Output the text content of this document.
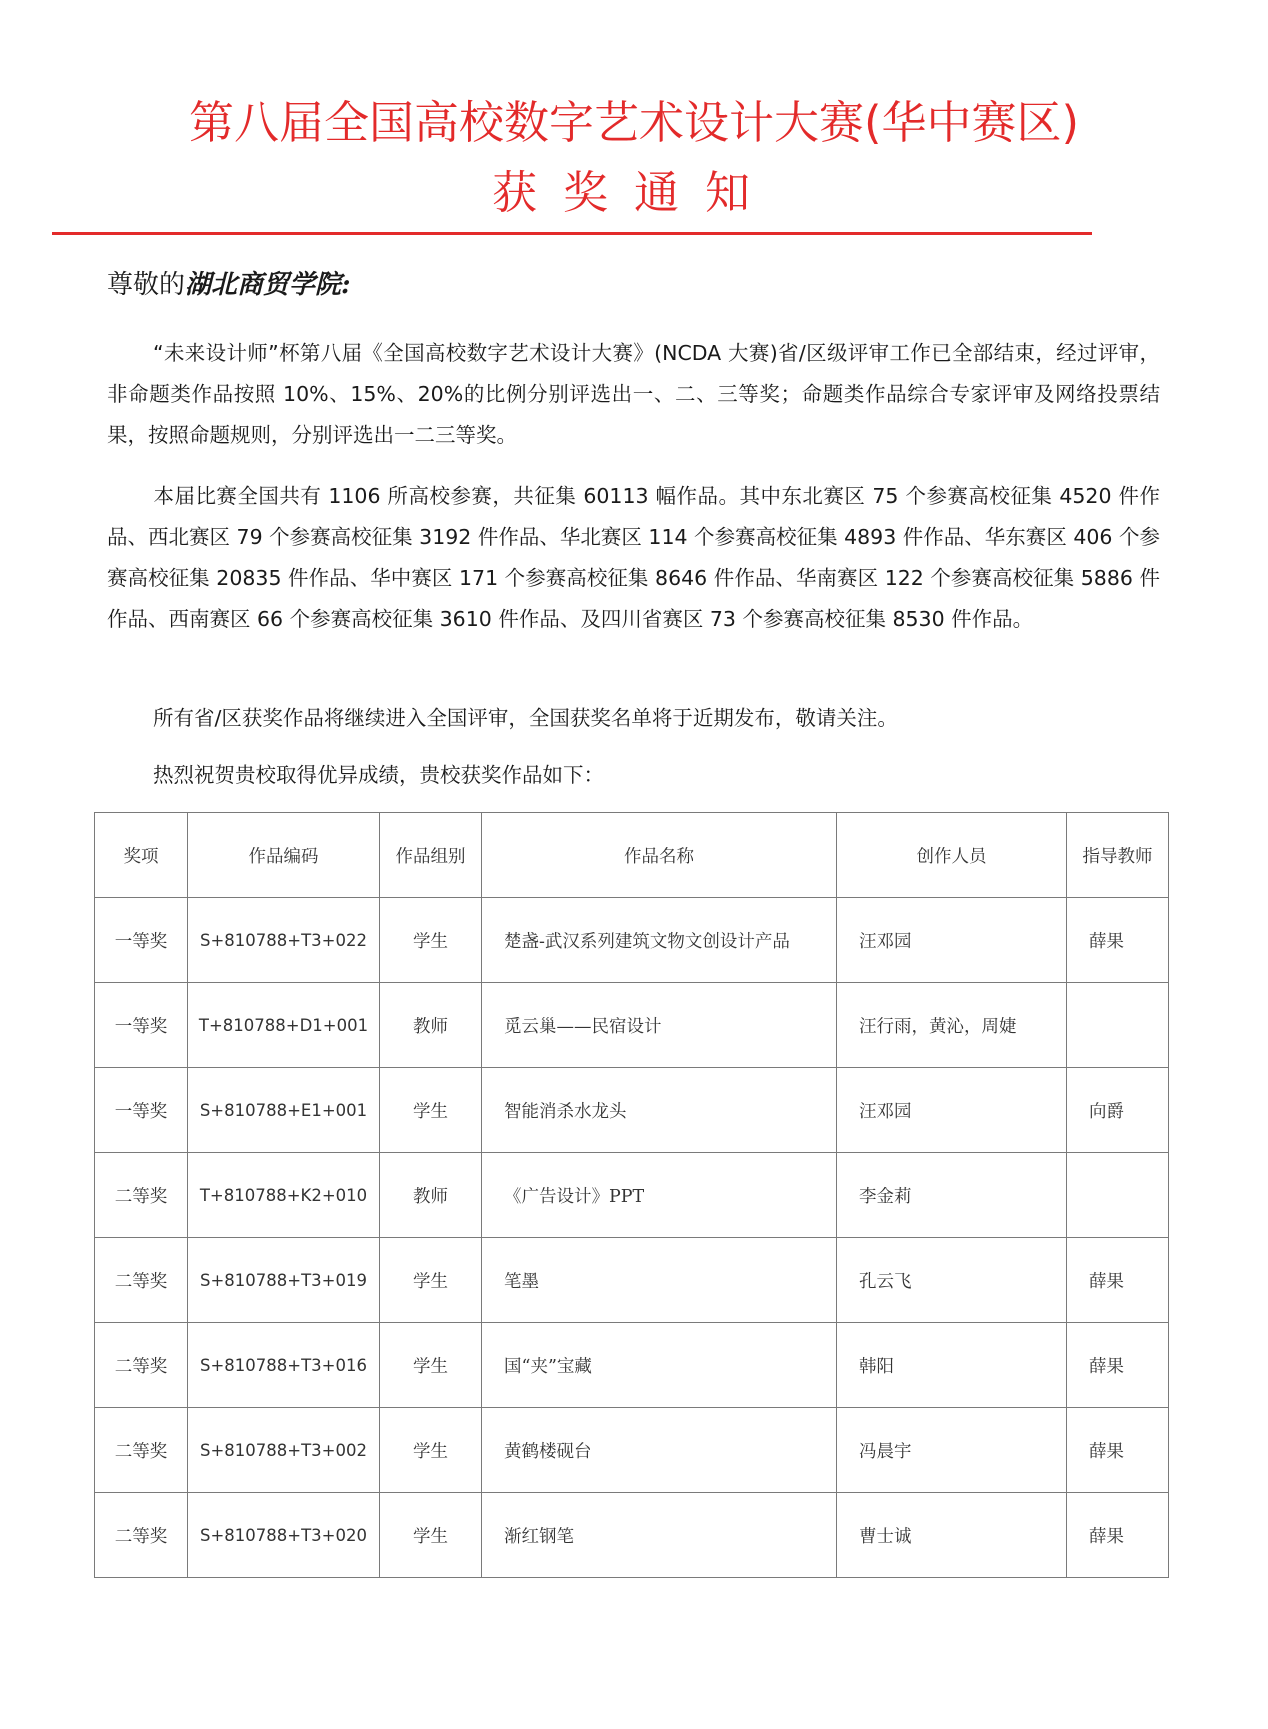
第八届全国高校数字艺术设计大赛(华中赛区)
获奖通知
尊敬的湖北商贸学院:
“未来设计师”杯第八届《全国高校数字艺术设计大赛》(NCDA 大赛)省/区级评审工作已全部结束，经过评审，非命题类作品按照 10%、15%、20%的比例分别评选出一、二、三等奖；命题类作品综合专家评审及网络投票结果，按照命题规则，分别评选出一二三等奖。
本届比赛全国共有 1106 所高校参赛，共征集 60113 幅作品。其中东北赛区 75 个参赛高校征集 4520 件作品、西北赛区 79 个参赛高校征集 3192 件作品、华北赛区 114 个参赛高校征集 4893 件作品、华东赛区 406 个参赛高校征集 20835 件作品、华中赛区 171 个参赛高校征集 8646 件作品、华南赛区 122 个参赛高校征集 5886 件作品、西南赛区 66 个参赛高校征集 3610 件作品、及四川省赛区 73 个参赛高校征集 8530 件作品。
所有省/区获奖作品将继续进入全国评审，全国获奖名单将于近期发布，敬请关注。
热烈祝贺贵校取得优异成绩，贵校获奖作品如下：
奖项	作品编码	作品组别	作品名称	创作人员	指导教师
一等奖	S+810788+T3+022	学生	楚盏-武汉系列建筑文物文创设计产品	汪邓园	薛果
一等奖	T+810788+D1+001	教师	觅云巢——民宿设计	汪行雨，黄沁，周婕	
一等奖	S+810788+E1+001	学生	智能消杀水龙头	汪邓园	向爵
二等奖	T+810788+K2+010	教师	《广告设计》PPT	李金莉	
二等奖	S+810788+T3+019	学生	笔墨	孔云飞	薛果
二等奖	S+810788+T3+016	学生	国“夹”宝藏	韩阳	薛果
二等奖	S+810788+T3+002	学生	黄鹤楼砚台	冯晨宇	薛果
二等奖	S+810788+T3+020	学生	渐红钢笔	曹士诚	薛果
